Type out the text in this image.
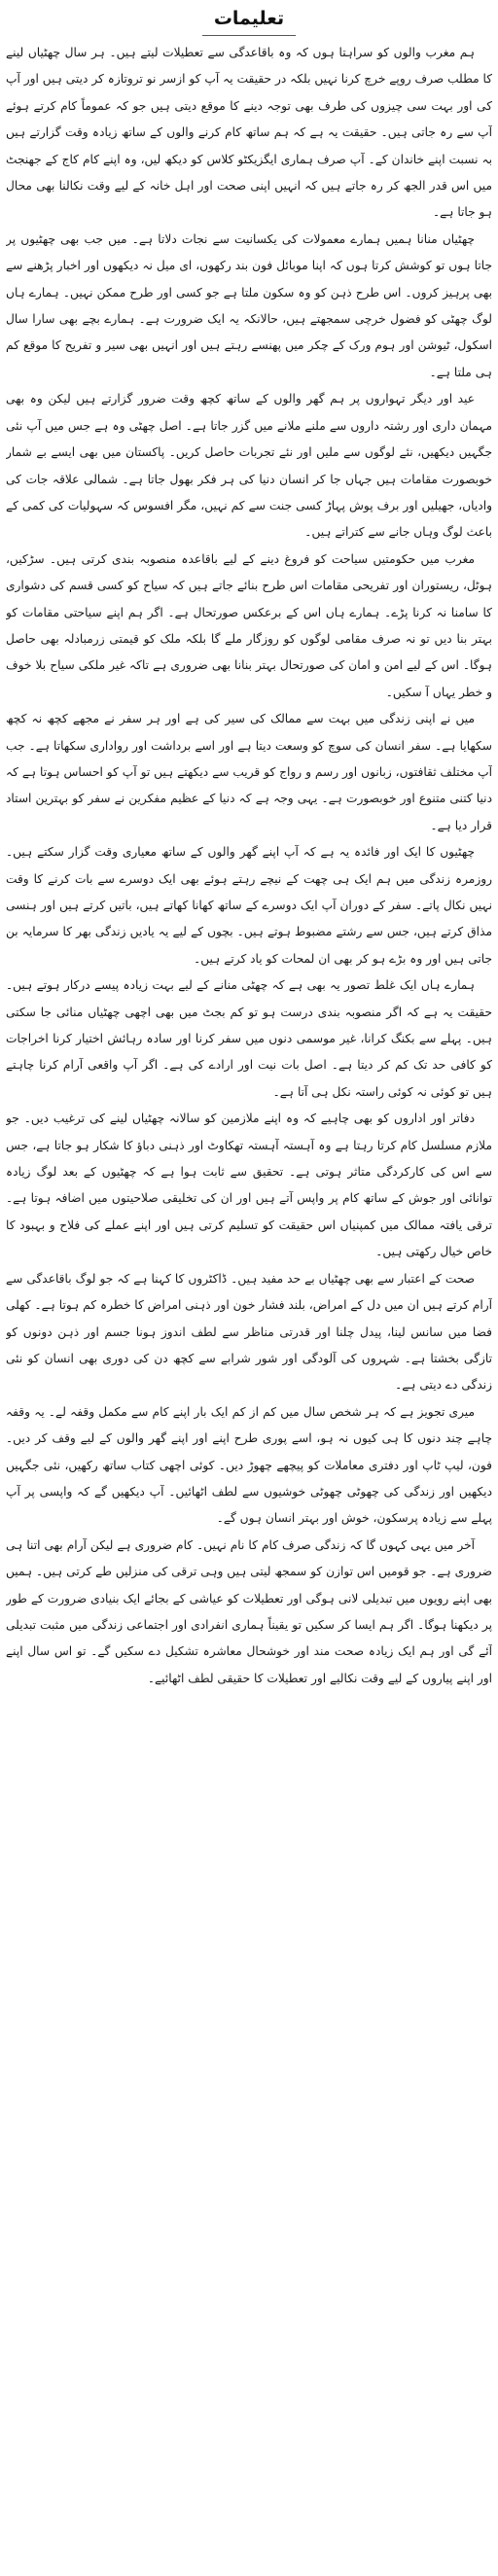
تعلیمات

ہم مغرب والوں کو سراہتا ہوں کہ وہ باقاعدگی سے تعطیلات لیتے ہیں۔ ہر سال چھٹیاں لینے کا مطلب صرف روپے خرچ کرنا نہیں بلکہ در حقیقت یہ آپ کو ازسر نو تروتازہ کر دیتی ہیں اور آپ کی اور بہت سی چیزوں کی طرف بھی توجہ دینے کا موقع دیتی ہیں جو کہ عموماً کام کرتے ہوئے آپ سے رہ جاتی ہیں۔ حقیقت یہ ہے کہ ہم ساتھ کام کرنے والوں کے ساتھ زیادہ وقت گزارتے ہیں بہ نسبت اپنے خاندان کے۔ آپ صرف ہماری ایگزیکٹو کلاس کو دیکھ لیں، وہ اپنے کام کاج کے جھنجٹ میں اس قدر الجھ کر رہ جاتے ہیں کہ انہیں اپنی صحت اور اہل خانہ کے لیے وقت نکالنا بھی محال ہو جاتا ہے۔

چھٹیاں منانا ہمیں ہمارے معمولات کی یکسانیت سے نجات دلاتا ہے۔ میں جب بھی چھٹیوں پر جاتا ہوں تو کوشش کرتا ہوں کہ اپنا موبائل فون بند رکھوں، ای میل نہ دیکھوں اور اخبار پڑھنے سے بھی پرہیز کروں۔ اس طرح ذہن کو وہ سکون ملتا ہے جو کسی اور طرح ممکن نہیں۔ ہمارے ہاں لوگ چھٹی کو فضول خرچی سمجھتے ہیں، حالانکہ یہ ایک ضرورت ہے۔ ہمارے بچے بھی سارا سال اسکول، ٹیوشن اور ہوم ورک کے چکر میں پھنسے رہتے ہیں اور انہیں بھی سیر و تفریح کا موقع کم ہی ملتا ہے۔

عید اور دیگر تہواروں پر ہم گھر والوں کے ساتھ کچھ وقت ضرور گزارتے ہیں لیکن وہ بھی مہمان داری اور رشتہ داروں سے ملنے ملانے میں گزر جاتا ہے۔ اصل چھٹی وہ ہے جس میں آپ نئی جگہیں دیکھیں، نئے لوگوں سے ملیں اور نئے تجربات حاصل کریں۔ پاکستان میں بھی ایسے بے شمار خوبصورت مقامات ہیں جہاں جا کر انسان دنیا کی ہر فکر بھول جاتا ہے۔ شمالی علاقہ جات کی وادیاں، جھیلیں اور برف پوش پہاڑ کسی جنت سے کم نہیں، مگر افسوس کہ سہولیات کی کمی کے باعث لوگ وہاں جانے سے کتراتے ہیں۔

مغرب میں حکومتیں سیاحت کو فروغ دینے کے لیے باقاعدہ منصوبہ بندی کرتی ہیں۔ سڑکیں، ہوٹل، ریستوران اور تفریحی مقامات اس طرح بنائے جاتے ہیں کہ سیاح کو کسی قسم کی دشواری کا سامنا نہ کرنا پڑے۔ ہمارے ہاں اس کے برعکس صورتحال ہے۔ اگر ہم اپنے سیاحتی مقامات کو بہتر بنا دیں تو نہ صرف مقامی لوگوں کو روزگار ملے گا بلکہ ملک کو قیمتی زرمبادلہ بھی حاصل ہوگا۔ اس کے لیے امن و امان کی صورتحال بہتر بنانا بھی ضروری ہے تاکہ غیر ملکی سیاح بلا خوف و خطر یہاں آ سکیں۔

میں نے اپنی زندگی میں بہت سے ممالک کی سیر کی ہے اور ہر سفر نے مجھے کچھ نہ کچھ سکھایا ہے۔ سفر انسان کی سوچ کو وسعت دیتا ہے اور اسے برداشت اور رواداری سکھاتا ہے۔ جب آپ مختلف ثقافتوں، زبانوں اور رسم و رواج کو قریب سے دیکھتے ہیں تو آپ کو احساس ہوتا ہے کہ دنیا کتنی متنوع اور خوبصورت ہے۔ یہی وجہ ہے کہ دنیا کے عظیم مفکرین نے سفر کو بہترین استاد قرار دیا ہے۔

چھٹیوں کا ایک اور فائدہ یہ ہے کہ آپ اپنے گھر والوں کے ساتھ معیاری وقت گزار سکتے ہیں۔ روزمرہ زندگی میں ہم ایک ہی چھت کے نیچے رہتے ہوئے بھی ایک دوسرے سے بات کرنے کا وقت نہیں نکال پاتے۔ سفر کے دوران آپ ایک دوسرے کے ساتھ کھانا کھاتے ہیں، باتیں کرتے ہیں اور ہنسی مذاق کرتے ہیں، جس سے رشتے مضبوط ہوتے ہیں۔ بچوں کے لیے یہ یادیں زندگی بھر کا سرمایہ بن جاتی ہیں اور وہ بڑے ہو کر بھی ان لمحات کو یاد کرتے ہیں۔

ہمارے ہاں ایک غلط تصور یہ بھی ہے کہ چھٹی منانے کے لیے بہت زیادہ پیسے درکار ہوتے ہیں۔ حقیقت یہ ہے کہ اگر منصوبہ بندی درست ہو تو کم بجٹ میں بھی اچھی چھٹیاں منائی جا سکتی ہیں۔ پہلے سے بکنگ کرانا، غیر موسمی دنوں میں سفر کرنا اور سادہ رہائش اختیار کرنا اخراجات کو کافی حد تک کم کر دیتا ہے۔ اصل بات نیت اور ارادے کی ہے۔ اگر آپ واقعی آرام کرنا چاہتے ہیں تو کوئی نہ کوئی راستہ نکل ہی آتا ہے۔

دفاتر اور اداروں کو بھی چاہیے کہ وہ اپنے ملازمین کو سالانہ چھٹیاں لینے کی ترغیب دیں۔ جو ملازم مسلسل کام کرتا رہتا ہے وہ آہستہ آہستہ تھکاوٹ اور ذہنی دباؤ کا شکار ہو جاتا ہے، جس سے اس کی کارکردگی متاثر ہوتی ہے۔ تحقیق سے ثابت ہوا ہے کہ چھٹیوں کے بعد لوگ زیادہ توانائی اور جوش کے ساتھ کام پر واپس آتے ہیں اور ان کی تخلیقی صلاحیتوں میں اضافہ ہوتا ہے۔ ترقی یافتہ ممالک میں کمپنیاں اس حقیقت کو تسلیم کرتی ہیں اور اپنے عملے کی فلاح و بہبود کا خاص خیال رکھتی ہیں۔

صحت کے اعتبار سے بھی چھٹیاں بے حد مفید ہیں۔ ڈاکٹروں کا کہنا ہے کہ جو لوگ باقاعدگی سے آرام کرتے ہیں ان میں دل کے امراض، بلند فشار خون اور ذہنی امراض کا خطرہ کم ہوتا ہے۔ کھلی فضا میں سانس لینا، پیدل چلنا اور قدرتی مناظر سے لطف اندوز ہونا جسم اور ذہن دونوں کو تازگی بخشتا ہے۔ شہروں کی آلودگی اور شور شرابے سے کچھ دن کی دوری بھی انسان کو نئی زندگی دے دیتی ہے۔

میری تجویز ہے کہ ہر شخص سال میں کم از کم ایک بار اپنے کام سے مکمل وقفہ لے۔ یہ وقفہ چاہے چند دنوں کا ہی کیوں نہ ہو، اسے پوری طرح اپنے اور اپنے گھر والوں کے لیے وقف کر دیں۔ فون، لیپ ٹاپ اور دفتری معاملات کو پیچھے چھوڑ دیں۔ کوئی اچھی کتاب ساتھ رکھیں، نئی جگہیں دیکھیں اور زندگی کی چھوٹی چھوٹی خوشیوں سے لطف اٹھائیں۔ آپ دیکھیں گے کہ واپسی پر آپ پہلے سے زیادہ پرسکون، خوش اور بہتر انسان ہوں گے۔

آخر میں یہی کہوں گا کہ زندگی صرف کام کا نام نہیں۔ کام ضروری ہے لیکن آرام بھی اتنا ہی ضروری ہے۔ جو قومیں اس توازن کو سمجھ لیتی ہیں وہی ترقی کی منزلیں طے کرتی ہیں۔ ہمیں بھی اپنے رویوں میں تبدیلی لانی ہوگی اور تعطیلات کو عیاشی کے بجائے ایک بنیادی ضرورت کے طور پر دیکھنا ہوگا۔ اگر ہم ایسا کر سکیں تو یقیناً ہماری انفرادی اور اجتماعی زندگی میں مثبت تبدیلی آئے گی اور ہم ایک زیادہ صحت مند اور خوشحال معاشرہ تشکیل دے سکیں گے۔ تو اس سال اپنے اور اپنے پیاروں کے لیے وقت نکالیے اور تعطیلات کا حقیقی لطف اٹھائیے۔
